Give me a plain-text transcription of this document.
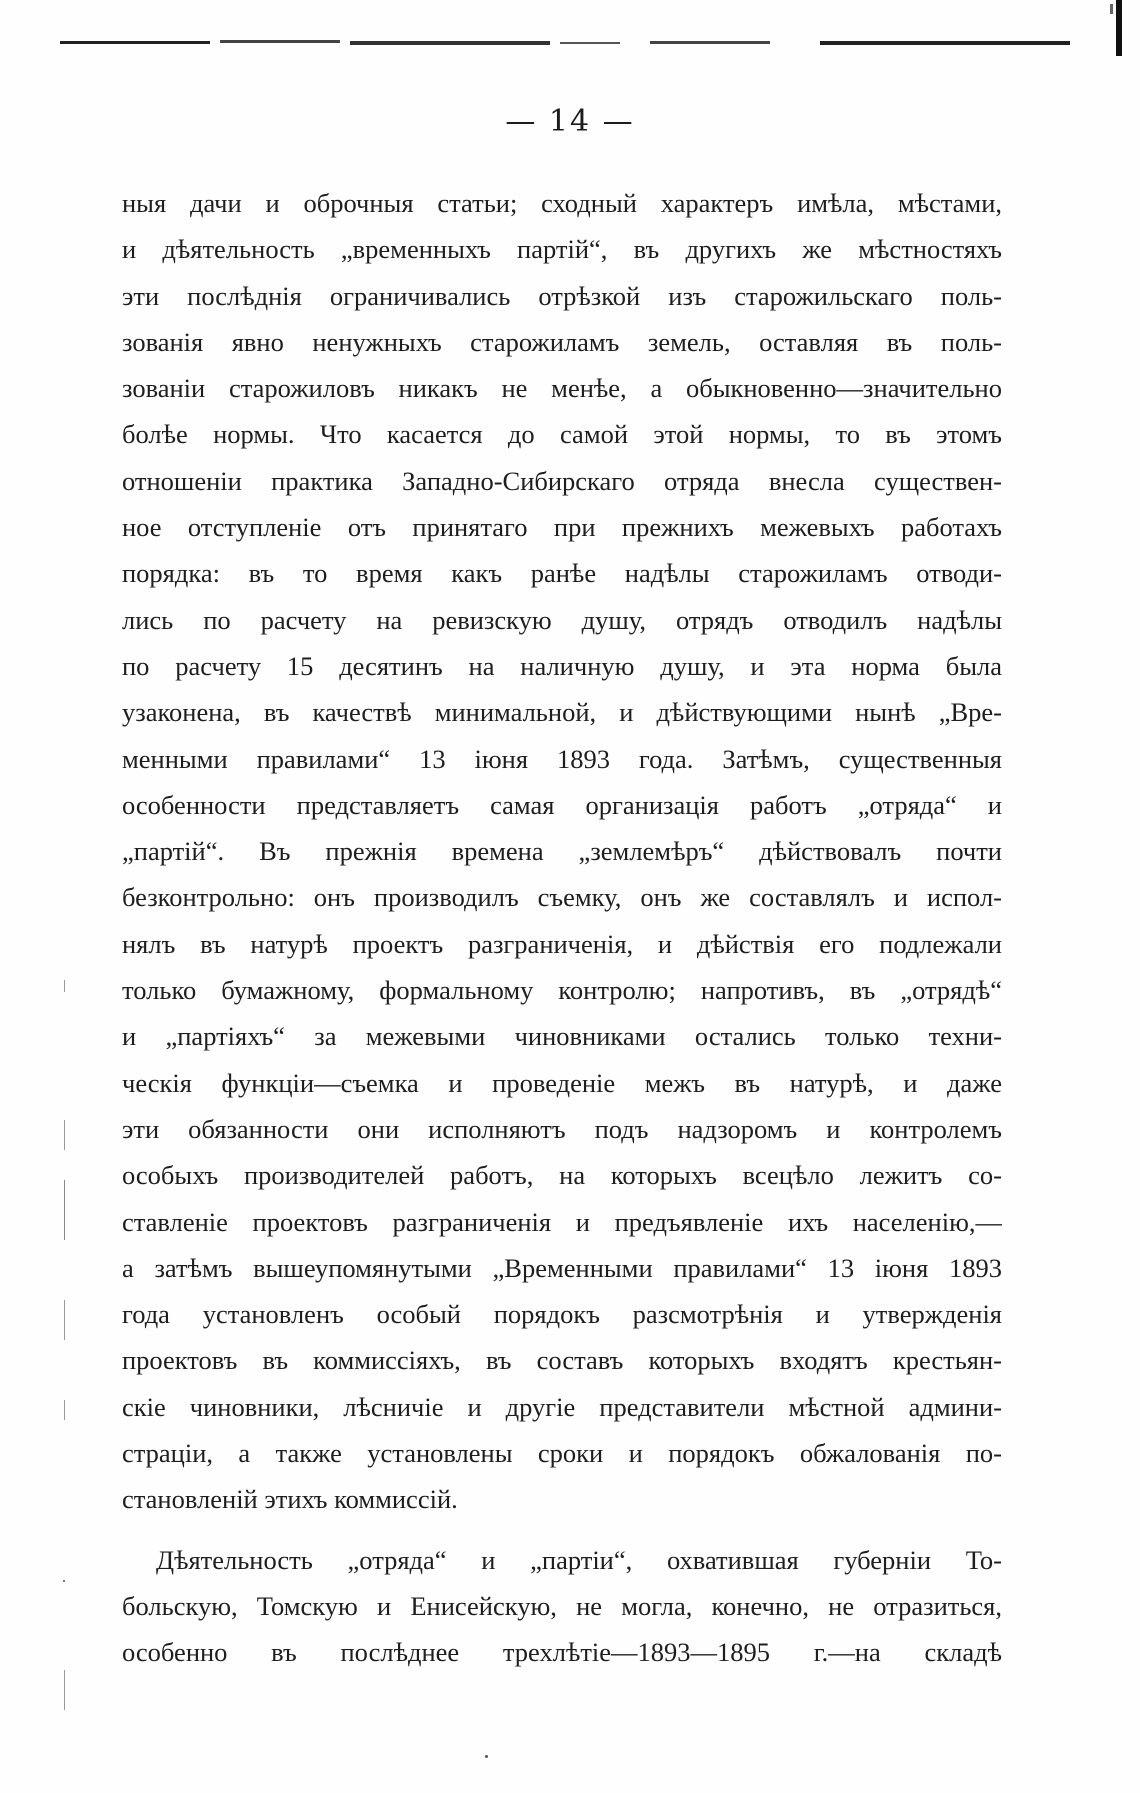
— 14 —
ныя дачи и оброчныя статьи; сходный характеръ имѣла, мѣстами,
и дѣятельность „временныхъ партій“, въ другихъ же мѣстностяхъ
эти послѣднія ограничивались отрѣзкой изъ старожильскаго поль-
зованія явно ненужныхъ старожиламъ земель, оставляя въ поль-
зованіи старожиловъ никакъ не менѣе, а обыкновенно—значительно
болѣе нормы. Что касается до самой этой нормы, то въ этомъ
отношеніи практика Западно-Сибирскаго отряда внесла существен-
ное отступленіе отъ принятаго при прежнихъ межевыхъ работахъ
порядка: въ то время какъ ранѣе надѣлы старожиламъ отводи-
лись по расчету на ревизскую душу, отрядъ отводилъ надѣлы
по расчету 15 десятинъ на наличную душу, и эта норма была
узаконена, въ качествѣ минимальной, и дѣйствующими нынѣ „Вре-
менными правилами“ 13 іюня 1893 года. Затѣмъ, существенныя
особенности представляетъ самая организація работъ „отряда“ и
„партій“. Въ прежнія времена „землемѣръ“ дѣйствовалъ почти
безконтрольно: онъ производилъ съемку, онъ же составлялъ и испол-
нялъ въ натурѣ проектъ разграниченія, и дѣйствія его подлежали
только бумажному, формальному контролю; напротивъ, въ „отрядѣ“
и „партіяхъ“ за межевыми чиновниками остались только техни-
ческія функціи—съемка и проведеніе межъ въ натурѣ, и даже
эти обязанности они исполняютъ подъ надзоромъ и контролемъ
особыхъ производителей работъ, на которыхъ всецѣло лежитъ со-
ставленіе проектовъ разграниченія и предъявленіе ихъ населенію,—
а затѣмъ вышеупомянутыми „Временными правилами“ 13 іюня 1893
года установленъ особый порядокъ разсмотрѣнія и утвержденія
проектовъ въ коммиссіяхъ, въ составъ которыхъ входятъ крестьян-
скіе чиновники, лѣсничіе и другіе представители мѣстной админи-
страціи, а также установлены сроки и порядокъ обжалованія по-
становленій этихъ коммиссій.
Дѣятельность „отряда“ и „партіи“, охватившая губерніи То-
больскую, Томскую и Енисейскую, не могла, конечно, не отразиться,
особенно въ послѣднее трехлѣтіе—1893—1895 г.—на складѣ
